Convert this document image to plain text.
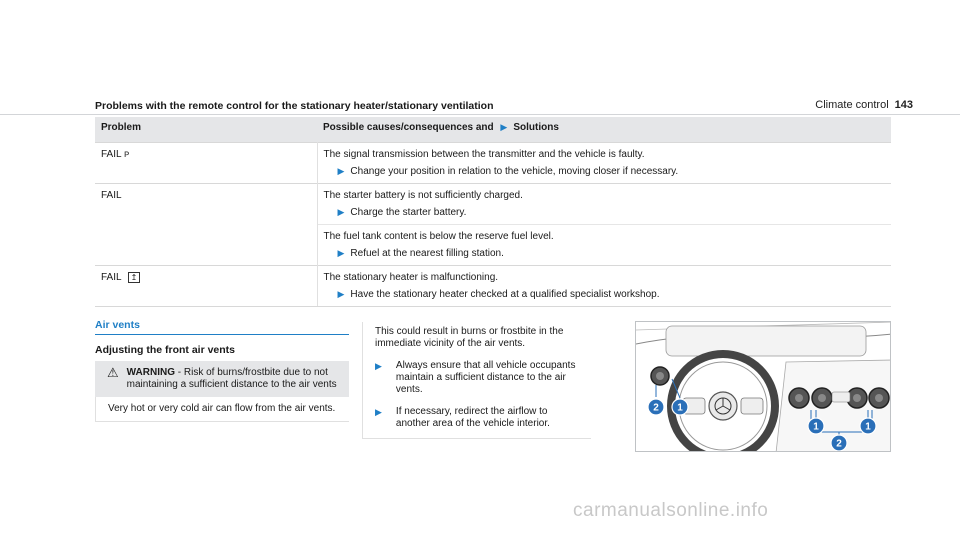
Climate control 143
Problems with the remote control for the stationary heater/stationary ventilation
Problem	Possible causes/consequences and ▶ Solutions
FAIL ᴘ	The signal transmission between the transmitter and the vehicle is faulty.
▶ Change your position in relation to the vehicle, moving closer if necessary.

FAIL	The starter battery is not sufficiently charged.
▶ Charge the starter battery.

	The fuel tank content is below the reserve fuel level.
▶ Refuel at the nearest filling station.

FAIL ↥	The stationary heater is malfunctioning.
▶ Have the stationary heater checked at a qualified specialist workshop.
Air vents
Adjusting the front air vents
⚠ WARNING - Risk of burns/frostbite due to not maintaining a sufficient distance to the air vents
Very hot or very cold air can flow from the air vents.
This could result in burns or frostbite in the immediate vicinity of the air vents.
▶ Always ensure that all vehicle occupants maintain a sufficient distance to the air vents.
▶ If necessary, redirect the airflow to another area of the vehicle interior.
2 1
1	1
2
carmanualsonline.info
